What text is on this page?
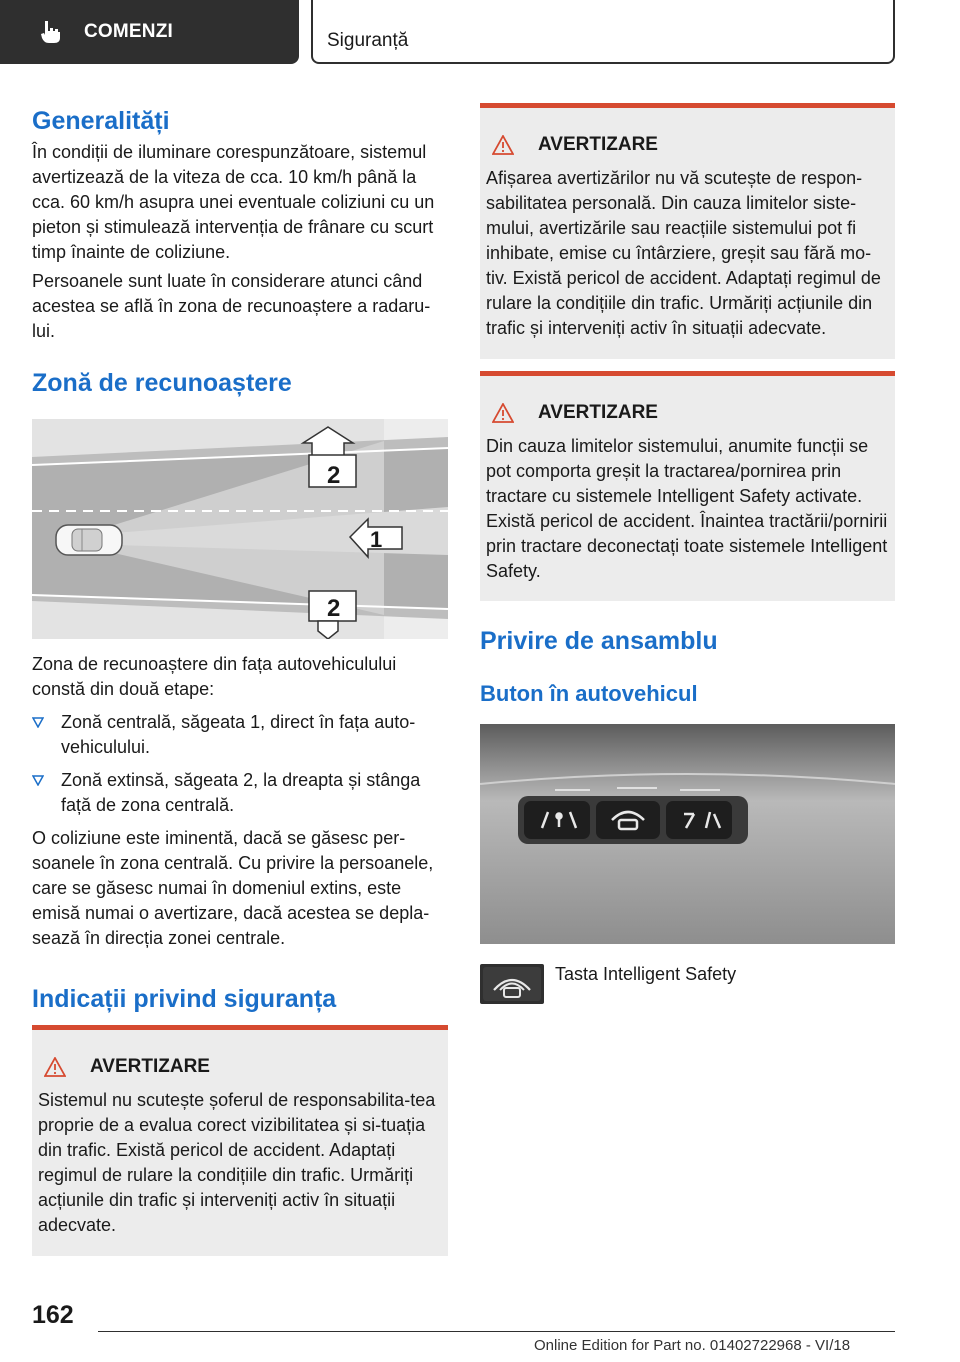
COMENZI	Siguranță
Generalități

În condiții de iluminare corespunzătoare, sistemul avertizează de la viteza de cca. 10 km/h până la cca. 60 km/h asupra unei eventuale coliziuni cu un pieton și stimulează intervenția de frânare cu scurt timp înainte de coliziune.

Persoanele sunt luate în considerare atunci când acestea se află în zona de recunoaștere a radaru-lui.

Zonă de recunoaștere
2
1
2

Zona de recunoaștere din fața autovehiculului constă din două etape:

Zonă centrală, săgeata 1, direct în fața auto-vehiculului.
Zonă extinsă, săgeata 2, la dreapta și stânga față de zona centrală.

O coliziune este iminentă, dacă se găsesc per-soanele în zona centrală. Cu privire la persoanele, care se găsesc numai în domeniul extins, este emisă numai o avertizare, dacă acestea se depla-sează în direcția zonei centrale.

Indicații privind siguranța
AVERTIZARE

Sistemul nu scutește șoferul de responsabilita-tea proprie de a evalua corect vizibilitatea și si-tuația din trafic. Există pericol de accident. Adaptați regimul de rulare la condițiile din trafic. Urmăriți acțiunile din trafic și interveniți activ în situații adecvate.

AVERTIZARE

Afișarea avertizărilor nu vă scutește de respon-sabilitatea personală. Din cauza limitelor siste-mului, avertizările sau reacțiile sistemului pot fi inhibate, emise cu întârziere, greșit sau fără mo-tiv. Există pericol de accident. Adaptați regimul de rulare la condițiile din trafic. Urmăriți acțiunile din trafic și interveniți activ în situații adecvate.

AVERTIZARE

Din cauza limitelor sistemului, anumite funcții se pot comporta greșit la tractarea/pornirea prin tractare cu sistemele Intelligent Safety activate. Există pericol de accident. Înaintea tractării/pornirii prin tractare deconectați toate sistemele Intelligent Safety.

Privire de ansamblu
Buton în autovehicul
Tasta Intelligent Safety
162
Online Edition for Part no. 01402722968 - VI/18
